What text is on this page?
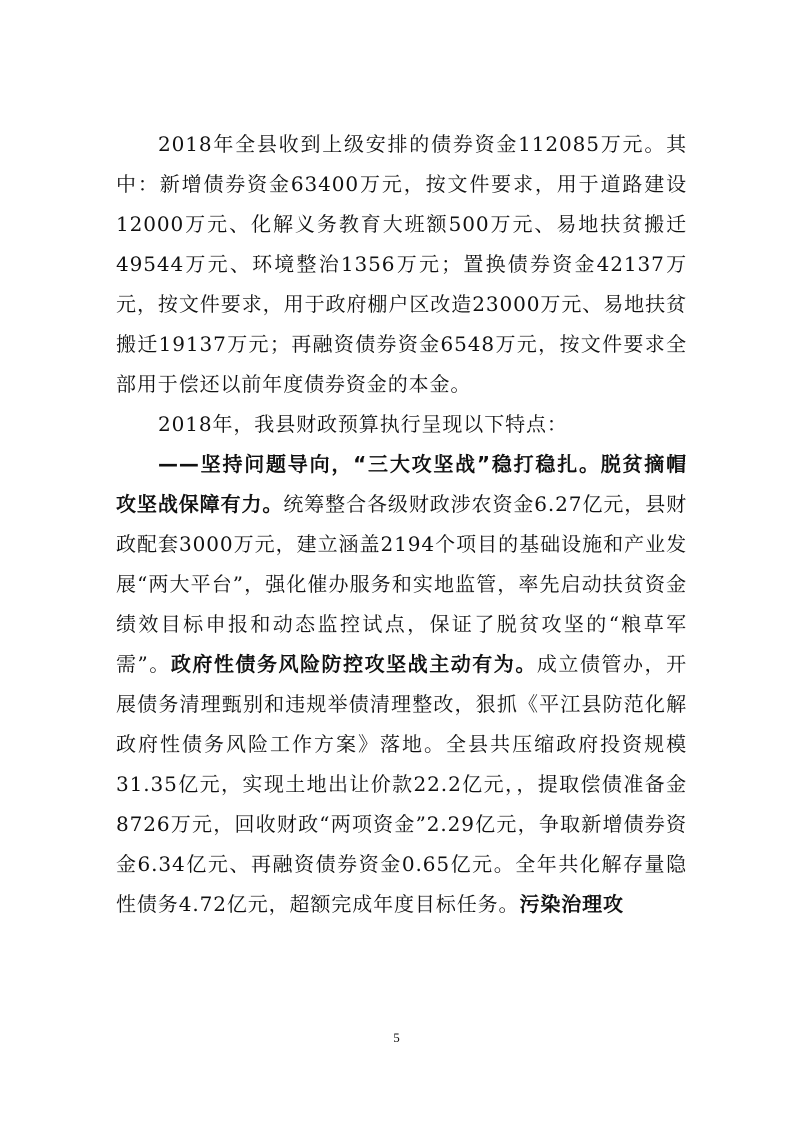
2018年全县收到上级安排的债券资金112085万元。其中：新增债券资金63400万元，按文件要求，用于道路建设12000万元、化解义务教育大班额500万元、易地扶贫搬迁49544万元、环境整治1356万元；置换债券资金42137万元，按文件要求，用于政府棚户区改造23000万元、易地扶贫搬迁19137万元；再融资债券资金6548万元，按文件要求全部用于偿还以前年度债券资金的本金。

2018年，我县财政预算执行呈现以下特点：

——坚持问题导向，“三大攻坚战”稳打稳扎。脱贫摘帽攻坚战保障有力。统筹整合各级财政涉农资金6.27亿元，县财政配套3000万元，建立涵盖2194个项目的基础设施和产业发展“两大平台”，强化催办服务和实地监管，率先启动扶贫资金绩效目标申报和动态监控试点，保证了脱贫攻坚的“粮草军需”。政府性债务风险防控攻坚战主动有为。成立债管办，开展债务清理甄别和违规举债清理整改，狠抓《平江县防范化解政府性债务风险工作方案》落地。全县共压缩政府投资规模31.35亿元，实现土地出让价款22.2亿元，，提取偿债准备金8726万元，回收财政“两项资金”2.29亿元，争取新增债券资金6.34亿元、再融资债券资金0.65亿元。全年共化解存量隐性债务4.72亿元，超额完成年度目标任务。污染治理攻

5
